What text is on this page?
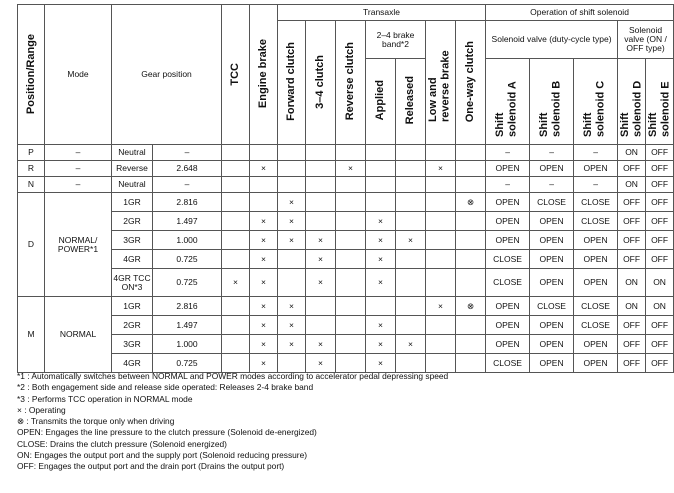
Position/Range	Mode	Gear position		TCC	Engine brake	Transaxle							Operation of shift solenoid				
						Forward clutch	3–4 clutch	Reverse clutch	2–4 brake band*2		Low and reverse brake	One-way clutch	Solenoid valve (duty-cycle type)			Solenoid valve (ON / OFF type)	
									Applied	Released			Shift solenoid A	Shift solenoid B	Shift solenoid C	Shift solenoid D	Shift solenoid E
P	–	Neutral	–										–	–	–	ON	OFF
R	–	Reverse	2.648		×			×			×		OPEN	OPEN	OPEN	OFF	OFF
N	–	Neutral	–										–	–	–	ON	OFF
D	NORMAL/ POWER*1	1GR	2.816			×						⊗	OPEN	CLOSE	CLOSE	OFF	OFF
		2GR	1.497		×	×			×				OPEN	OPEN	CLOSE	OFF	OFF
		3GR	1.000		×	×	×		×	×			OPEN	OPEN	OPEN	OFF	OFF
		4GR	0.725		×		×		×				CLOSE	OPEN	OPEN	OFF	OFF
		4GR TCC ON*3	0.725	×	×		×		×				CLOSE	OPEN	OPEN	ON	ON
M	NORMAL	1GR	2.816		×	×					×	⊗	OPEN	CLOSE	CLOSE	ON	ON
		2GR	1.497		×	×			×				OPEN	OPEN	CLOSE	OFF	OFF
		3GR	1.000		×	×	×		×	×			OPEN	OPEN	OPEN	OFF	OFF
		4GR	0.725		×		×		×				CLOSE	OPEN	OPEN	OFF	OFF
*1 : Automatically switches between NORMAL and POWER modes according to accelerator pedal depressing speed
*2 : Both engagement side and release side operated: Releases 2-4 brake band
*3 : Performs TCC operation in NORMAL mode
× : Operating
⊗ : Transmits the torque only when driving
OPEN: Engages the line pressure to the clutch pressure (Solenoid de-energized)
CLOSE: Drains the clutch pressure (Solenoid energized)
ON: Engages the output port and the supply port (Solenoid reducing pressure)
OFF: Engages the output port and the drain port (Drains the output port)
